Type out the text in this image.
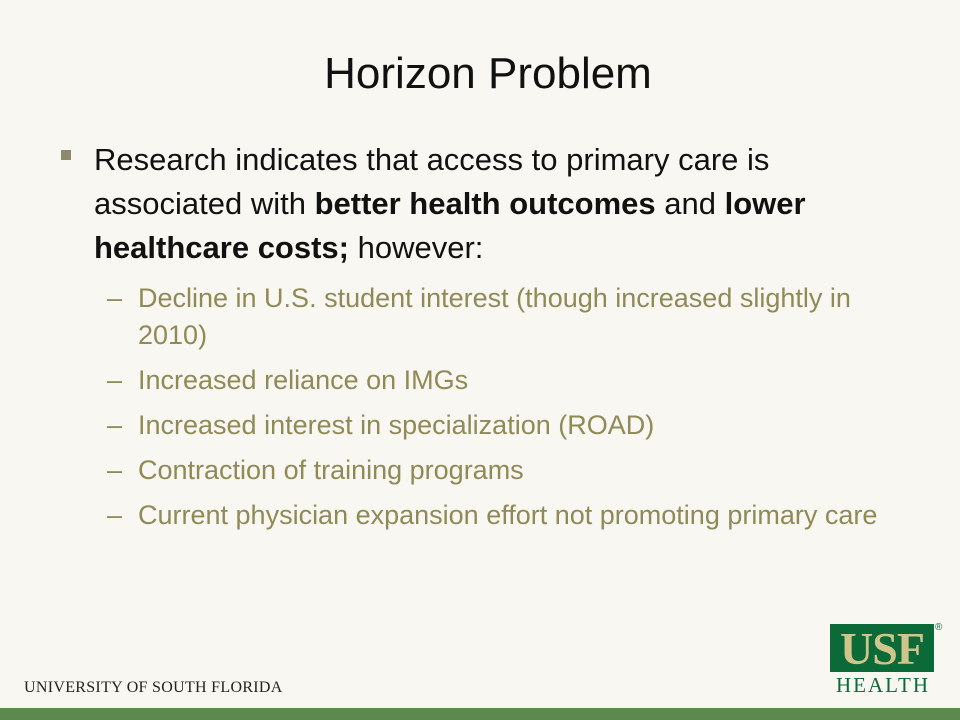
Horizon Problem
Research indicates that access to primary care is associated with better health outcomes and lower healthcare costs; however:
– Decline in U.S. student interest (though increased slightly in 2010)
– Increased reliance on IMGs
– Increased interest in specialization (ROAD)
– Contraction of training programs
– Current physician expansion effort not promoting primary care
UNIVERSITY OF SOUTH FLORIDA
USF	®
HEALTH
